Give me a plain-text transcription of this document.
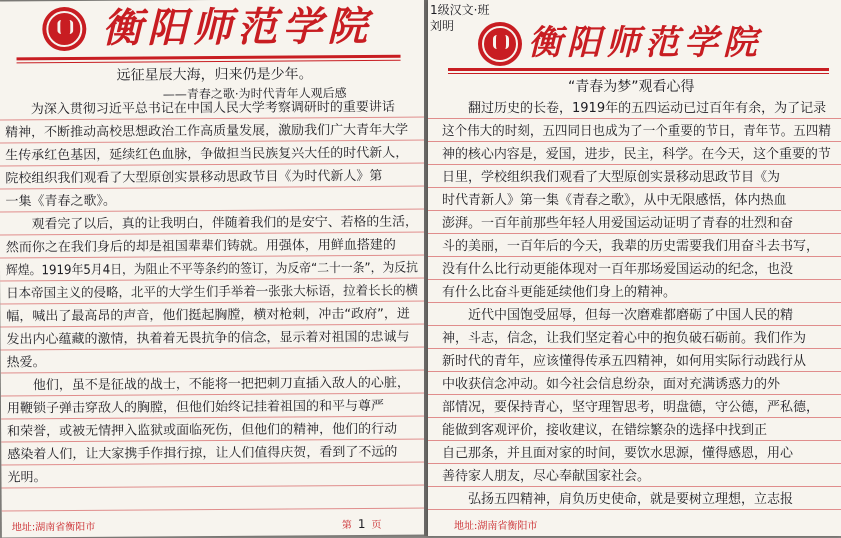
衡阳师范学院
远征星辰大海，归来仍是少年。
——青春之歌·为时代青年人观后感
为深入贯彻习近平总书记在中国人民大学考察调研时的重要讲话
精神，不断推动高校思想政治工作高质量发展，激励我们广大青年大学
生传承红色基因，延续红色血脉，争做担当民族复兴大任的时代新人，
院校组织我们观看了大型原创实景移动思政节目《为时代新人》第
一集《青春之歌》。
观看完了以后，真的让我明白，伴随着我们的是安宁、若格的生活，
然而你之在我们身后的却是祖国辈辈们铸就。用强体，用鲜血搭建的
辉煌。1919年5月4日，为阻止不平等条约的签订，为反帝“二十一条”，为反抗
日本帝国主义的侵略，北平的大学生们手举着一张张大标语，拉着长长的横
幅，喊出了最高昂的声音，他们挺起胸膛，横对枪刺，冲击“政府”，迸
发出内心蕴藏的激情，执着着无畏抗争的信念，显示着对祖国的忠诚与
热爱。
他们，虽不是征战的战士，不能将一把把刺刀直插入敌人的心脏，
用鞭锁子弹击穿敌人的胸膛，但他们始终记挂着祖国的和平与尊严
和荣誉，或被无情押入监狱或面临死伤，但他们的精神，他们的行动
感染着人们，让大家携手作揖行掠，让人们值得庆贺，看到了不远的
光明。
地址:湖南省衡阳市	第 1 页
1级汉文·班
刘明 衡阳师范学院
“青春为梦”观看心得
翻过历史的长卷，1919年的五四运动已过百年有余，为了记录
这个伟大的时刻，五四同日也成为了一个重要的节日，青年节。五四精
神的核心内容是，爱国，进步，民主，科学。在今天，这个重要的节
日里，学校组织我们观看了大型原创实景移动思政节目《为
时代青新人》第一集《青春之歌》，从中无限感悟，体内热血
澎湃。一百年前那些年轻人用爱国运动证明了青春的壮烈和奋
斗的美丽，一百年后的今天，我辈的历史需要我们用奋斗去书写，
没有什么比行动更能体现对一百年那场爱国运动的纪念，也没
有什么比奋斗更能延续他们身上的精神。
近代中国饱受屈辱，但每一次磨难都磨砺了中国人民的精
神，斗志，信念，让我们坚定着心中的抱负破石砺前。我们作为
新时代的青年，应该懂得传承五四精神，如何用实际行动践行从
中收获信念冲动。如今社会信息纷杂，面对充满诱惑力的外
部情况，要保持青心，坚守理智思考，明盘德，守公德，严私德，
能做到客观评价，接收建议，在错综繁杂的选择中找到正
自己那条，并且面对家的时间，要饮水思源，懂得感恩，用心
善待家人朋友，尽心奉献国家社会。
弘扬五四精神，肩负历史使命，就是要树立理想，立志报
地址:湖南省衡阳市
